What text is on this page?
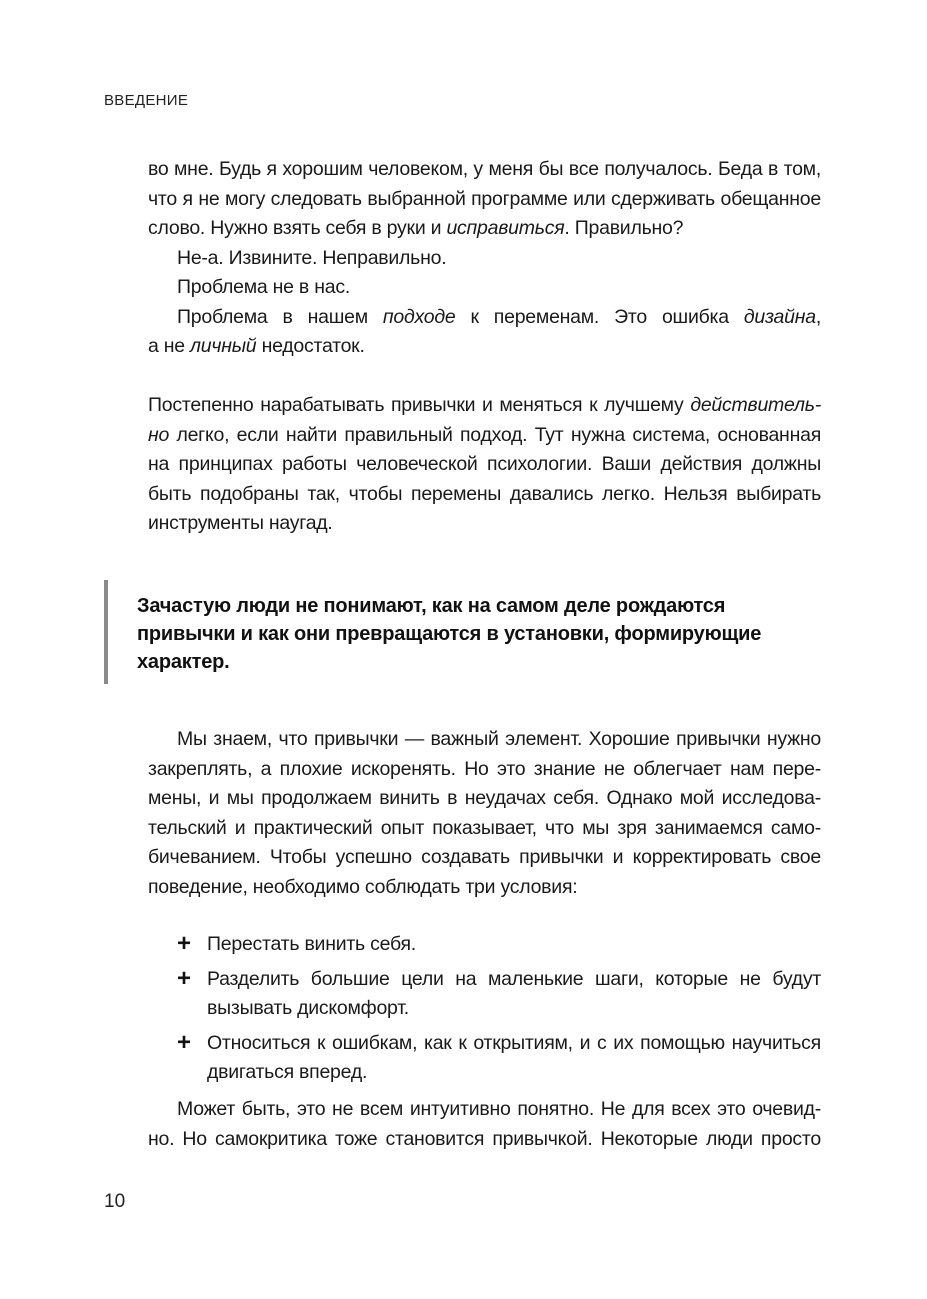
ВВЕДЕНИЕ
во мне. Будь я хорошим человеком, у меня бы все получалось. Беда в том,
что я не могу следовать выбранной программе или сдерживать обещанное
слово. Нужно взять себя в руки и исправиться. Правильно?
Не-а. Извините. Неправильно.
Проблема не в нас.
Проблема в нашем подходе к переменам. Это ошибка дизайна,
а не личный недостаток.
Постепенно нарабатывать привычки и меняться к лучшему действитель-
но легко, если найти правильный подход. Тут нужна система, основанная
на принципах работы человеческой психологии. Ваши действия должны
быть подобраны так, чтобы перемены давались легко. Нельзя выбирать
инструменты наугад.
Зачастую люди не понимают, как на самом деле рождаются
привычки и как они превращаются в установки, формирующие
характер.
Мы знаем, что привычки — важный элемент. Хорошие привычки нужно
закреплять, а плохие искоренять. Но это знание не облегчает нам пере-
мены, и мы продолжаем винить в неудачах себя. Однако мой исследова-
тельский и практический опыт показывает, что мы зря занимаемся само-
бичеванием. Чтобы успешно создавать привычки и корректировать свое
поведение, необходимо соблюдать три условия:
+ Перестать винить себя.
+ Разделить большие цели на маленькие шаги, которые не будут
вызывать дискомфорт.
+ Относиться к ошибкам, как к открытиям, и с их помощью научиться
двигаться вперед.
Может быть, это не всем интуитивно понятно. Не для всех это очевид-
но. Но самокритика тоже становится привычкой. Некоторые люди просто
10
